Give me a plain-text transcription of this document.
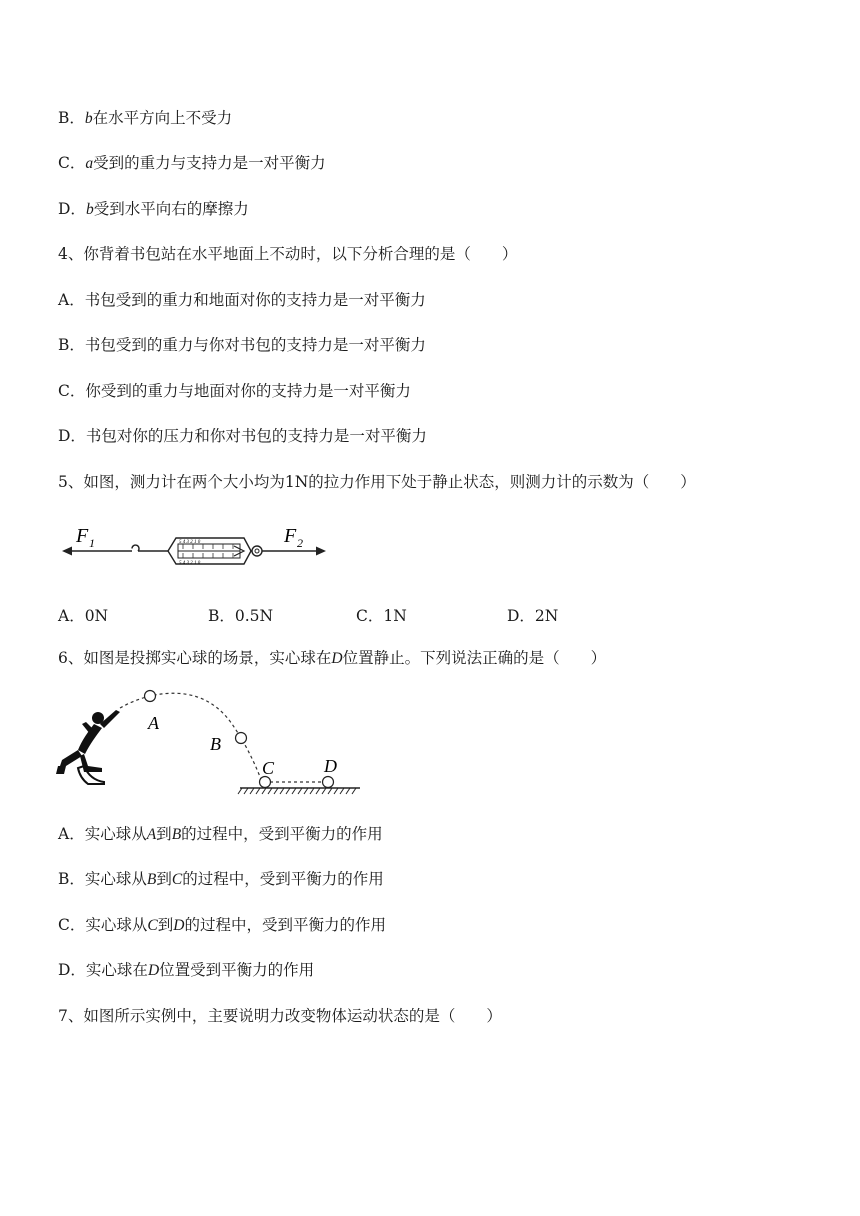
B．b在水平方向上不受力
C．a受到的重力与支持力是一对平衡力
D．b受到水平向右的摩擦力
4、你背着书包站在水平地面上不动时，以下分析合理的是（　　）
A．书包受到的重力和地面对你的支持力是一对平衡力
B．书包受到的重力与你对书包的支持力是一对平衡力
C．你受到的重力与地面对你的支持力是一对平衡力
D．书包对你的压力和你对书包的支持力是一对平衡力
5、如图，测力计在两个大小均为1N的拉力作用下处于静止状态，则测力计的示数为（　　）
5 4 3 2 1 0
5 4 3 2 1 0
F 1	F 2
A．0N	B．0.5N	C．1N	D．2N
6、如图是投掷实心球的场景，实心球在D位置静止。下列说法正确的是（　　）
A
B
C	D
A．实心球从A到B的过程中，受到平衡力的作用
B．实心球从B到C的过程中，受到平衡力的作用
C．实心球从C到D的过程中，受到平衡力的作用
D．实心球在D位置受到平衡力的作用
7、如图所示实例中，主要说明力改变物体运动状态的是（　　）
